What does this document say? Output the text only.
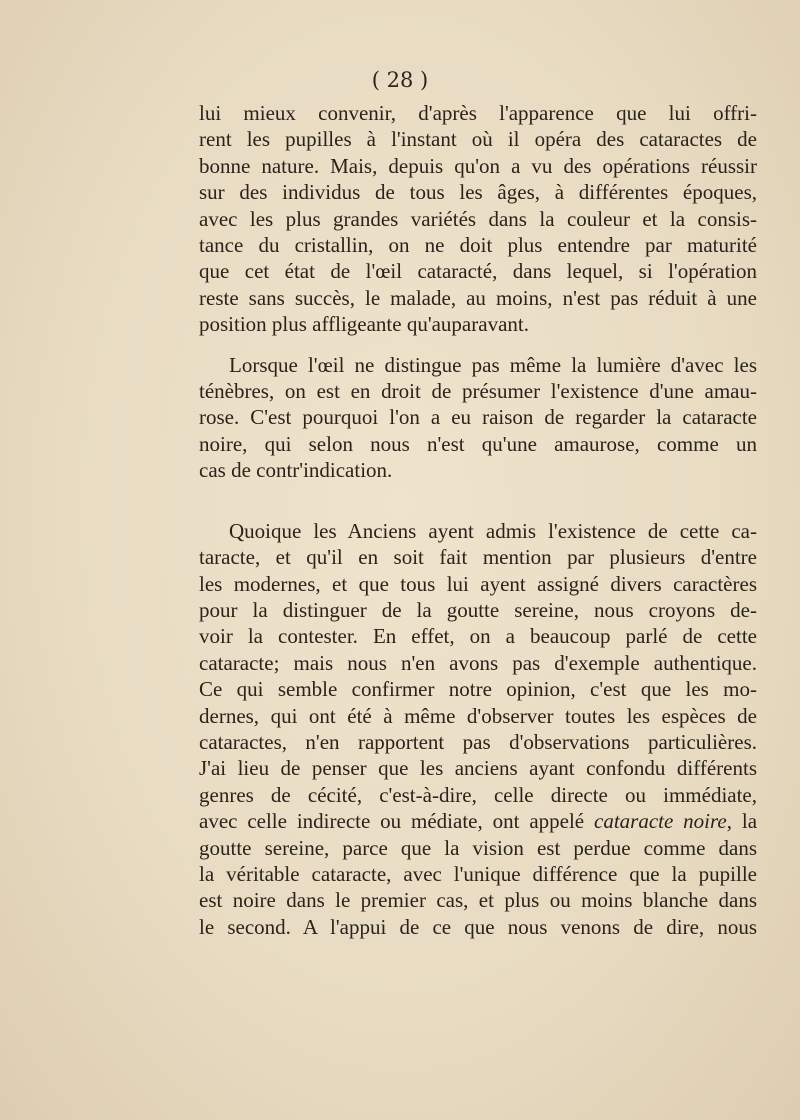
( 28 )
lui mieux convenir, d'après l'apparence que lui offri-
rent les pupilles à l'instant où il opéra des cataractes de
bonne nature. Mais, depuis qu'on a vu des opérations réussir
sur des individus de tous les âges, à différentes époques,
avec les plus grandes variétés dans la couleur et la consis-
tance du cristallin, on ne doit plus entendre par maturité
que cet état de l'œil cataracté, dans lequel, si l'opération
reste sans succès, le malade, au moins, n'est pas réduit à une
position plus affligeante qu'auparavant.
Lorsque l'œil ne distingue pas même la lumière d'avec les
ténèbres, on est en droit de présumer l'existence d'une amau-
rose. C'est pourquoi l'on a eu raison de regarder la cataracte
noire, qui selon nous n'est qu'une amaurose, comme un
cas de contr'indication.
Quoique les Anciens ayent admis l'existence de cette ca-
taracte, et qu'il en soit fait mention par plusieurs d'entre
les modernes, et que tous lui ayent assigné divers caractères
pour la distinguer de la goutte sereine, nous croyons de-
voir la contester. En effet, on a beaucoup parlé de cette
cataracte; mais nous n'en avons pas d'exemple authentique.
Ce qui semble confirmer notre opinion, c'est que les mo-
dernes, qui ont été à même d'observer toutes les espèces de
cataractes, n'en rapportent pas d'observations particulières.
J'ai lieu de penser que les anciens ayant confondu différents
genres de cécité, c'est-à-dire, celle directe ou immédiate,
avec celle indirecte ou médiate, ont appelé cataracte noire, la
goutte sereine, parce que la vision est perdue comme dans
la véritable cataracte, avec l'unique différence que la pupille
est noire dans le premier cas, et plus ou moins blanche dans
le second. A l'appui de ce que nous venons de dire, nous
